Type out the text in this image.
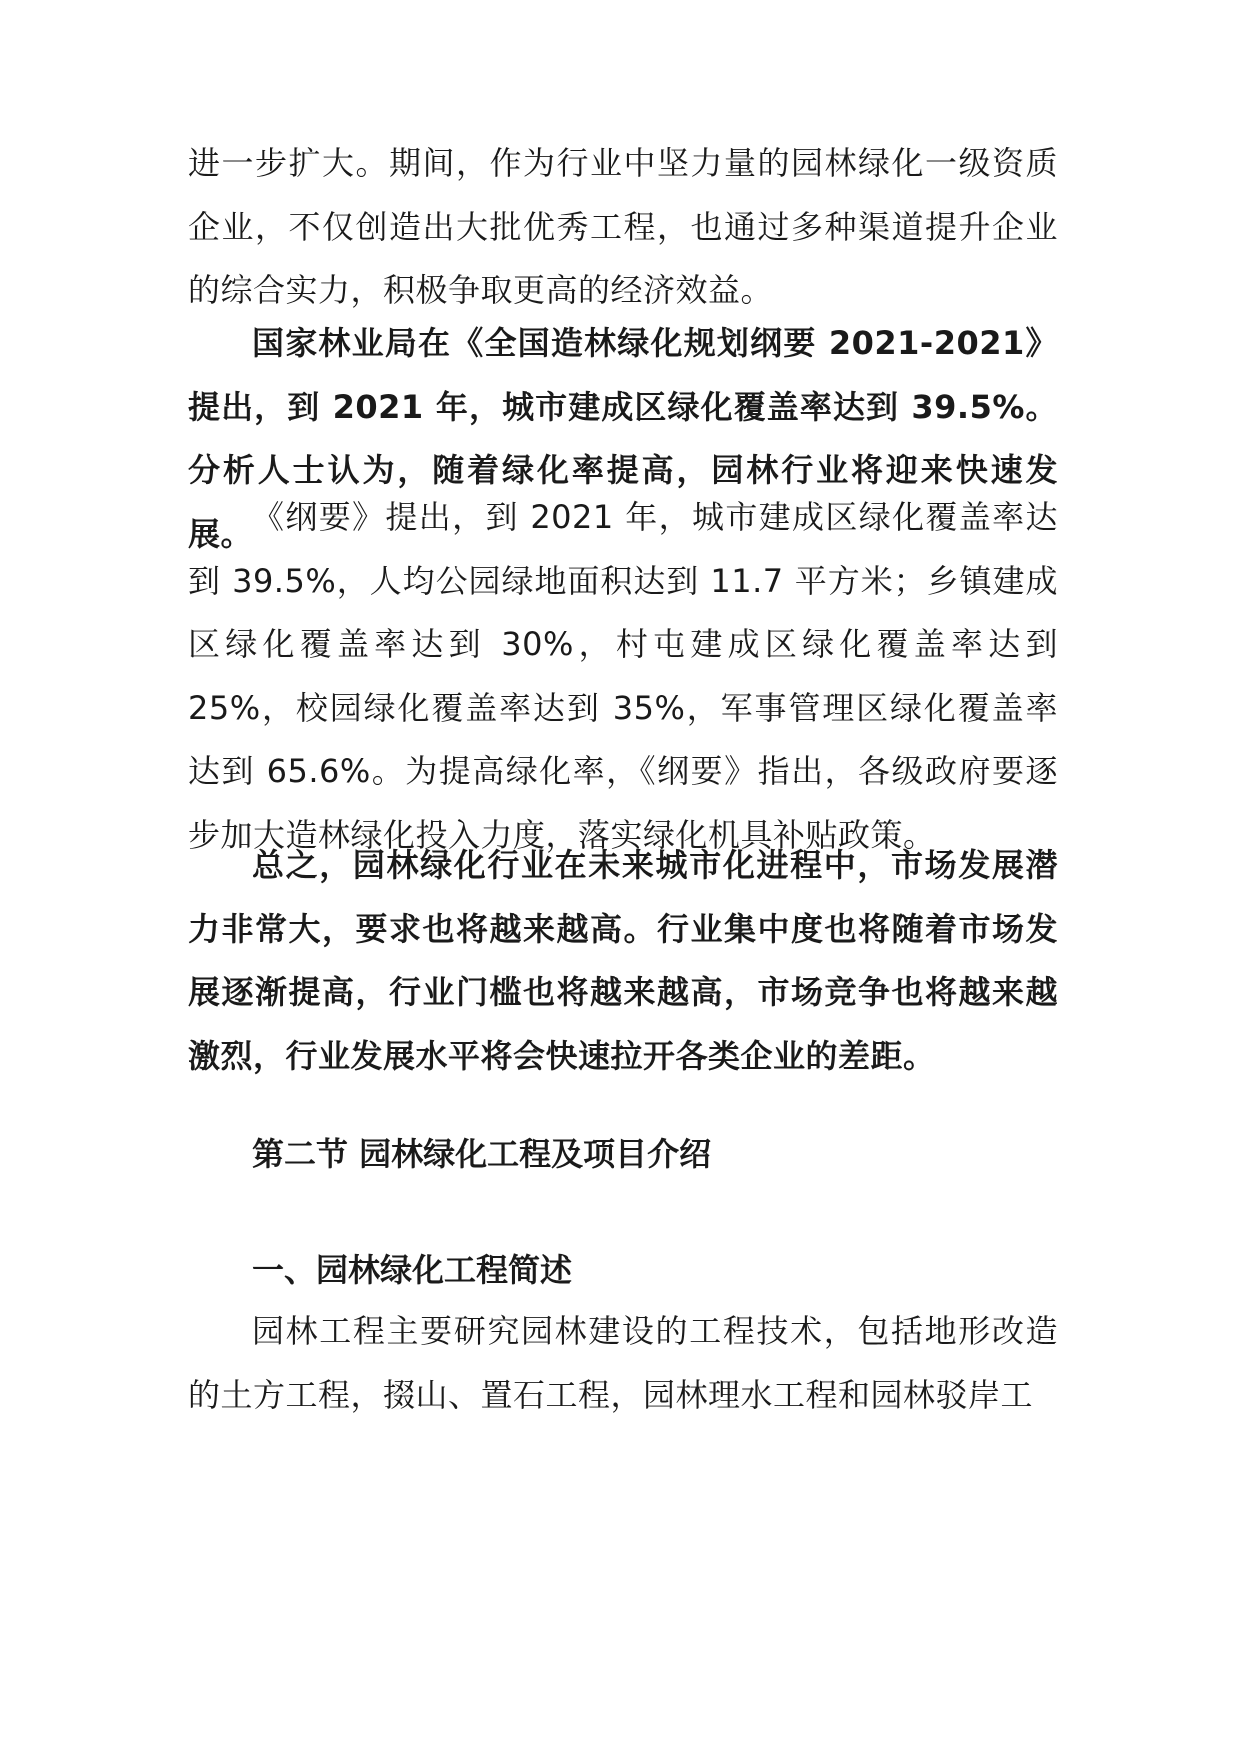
进一步扩大。期间，作为行业中坚力量的园林绿化一级资质企业，不仅创造出大批优秀工程，也通过多种渠道提升企业的综合实力，积极争取更高的经济效益。

国家林业局在《全国造林绿化规划纲要 2021-2021》提出，到 2021 年，城市建成区绿化覆盖率达到 39.5%。分析人士认为，随着绿化率提高，园林行业将迎来快速发展。

《纲要》提出，到 2021 年，城市建成区绿化覆盖率达到 39.5%，人均公园绿地面积达到 11.7 平方米；乡镇建成区绿化覆盖率达到 30%，村屯建成区绿化覆盖率达到 25%，校园绿化覆盖率达到 35%，军事管理区绿化覆盖率达到 65.6%。为提高绿化率，《纲要》指出，各级政府要逐步加大造林绿化投入力度，落实绿化机具补贴政策。

总之，园林绿化行业在未来城市化进程中，市场发展潜力非常大，要求也将越来越高。行业集中度也将随着市场发展逐渐提高，行业门槛也将越来越高，市场竞争也将越来越激烈，行业发展水平将会快速拉开各类企业的差距。

第二节 园林绿化工程及项目介绍
一、园林绿化工程简述

园林工程主要研究园林建设的工程技术，包括地形改造的土方工程，掇山、置石工程，园林理水工程和园林驳岸工
